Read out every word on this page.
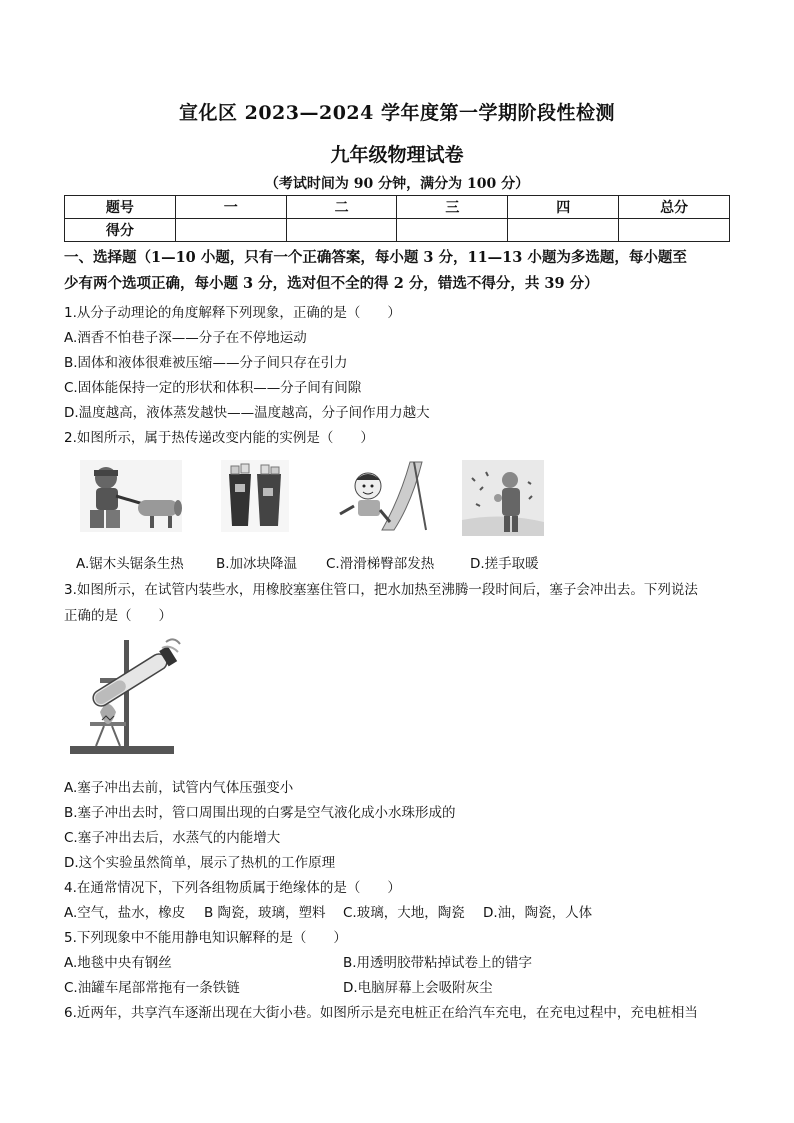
宣化区 2023—2024 学年度第一学期阶段性检测
九年级物理试卷
（考试时间为 90 分钟，满分为 100 分）
题号	一	二	三	四	总分
得分					
一、选择题（1—10 小题，只有一个正确答案，每小题 3 分，11—13 小题为多选题，每小题至
少有两个选项正确，每小题 3 分，选对但不全的得 2 分，错选不得分，共 39 分）
1.从分子动理论的角度解释下列现象，正确的是（　　）
A.酒香不怕巷子深——分子在不停地运动
B.固体和液体很难被压缩——分子间只存在引力
C.固体能保持一定的形状和体积——分子间有间隙
D.温度越高，液体蒸发越快——温度越高，分子间作用力越大
2.如图所示，属于热传递改变内能的实例是（　　）
A.锯木头锯条生热 B.加冰块降温 C.滑滑梯臀部发热	D.搓手取暖
3.如图所示，在试管内装些水，用橡胶塞塞住管口，把水加热至沸腾一段时间后，塞子会冲出去。下列说法
正确的是（　　）
A.塞子冲出去前，试管内气体压强变小
B.塞子冲出去时，管口周围出现的白雾是空气液化成小水珠形成的
C.塞子冲出去后，水蒸气的内能增大
D.这个实验虽然简单，展示了热机的工作原理
4.在通常情况下，下列各组物质属于绝缘体的是（　　）
A.空气，盐水，橡皮 B 陶瓷，玻璃，塑料 C.玻璃，大地，陶瓷 D.油，陶瓷，人体
5.下列现象中不能用静电知识解释的是（　　）
A.地毯中央有钢丝	B.用透明胶带粘掉试卷上的错字
C.油罐车尾部常拖有一条铁链	D.电脑屏幕上会吸附灰尘
6.近两年，共享汽车逐渐出现在大街小巷。如图所示是充电桩正在给汽车充电，在充电过程中，充电桩相当
